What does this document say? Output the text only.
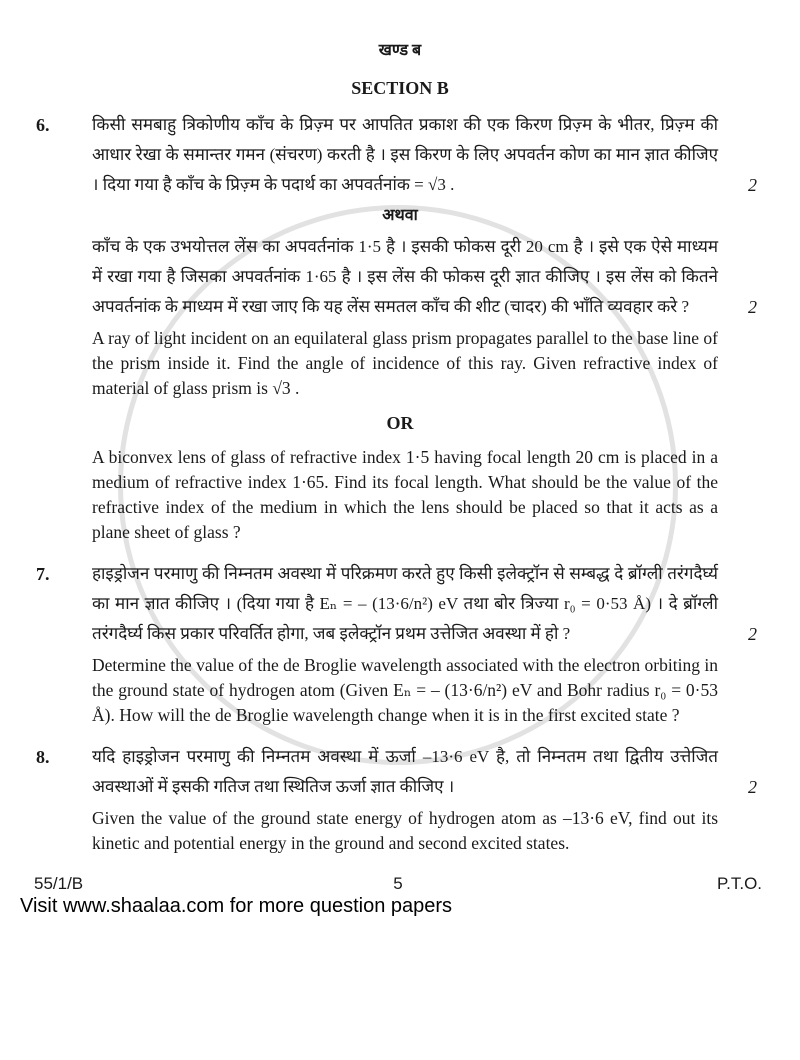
खण्ड ब
SECTION B
6.	किसी समबाहु त्रिकोणीय काँच के प्रिज़्म पर आपतित प्रकाश की एक किरण प्रिज़्म के भीतर, प्रिज़्म की आधार रेखा के समान्तर गमन (संचरण) करती है । इस किरण के लिए अपवर्तन कोण का मान ज्ञात कीजिए । दिया गया है काँच के प्रिज़्म के पदार्थ का अपवर्तनांक = √3 .	2
अथवा
काँच के एक उभयोत्तल लेंस का अपवर्तनांक 1·5 है । इसकी फोकस दूरी 20 cm है । इसे एक ऐसे माध्यम में रखा गया है जिसका अपवर्तनांक 1·65 है । इस लेंस की फोकस दूरी ज्ञात कीजिए । इस लेंस को कितने अपवर्तनांक के माध्यम में रखा जाए कि यह लेंस समतल काँच की शीट (चादर) की भाँति व्यवहार करे ?	2
A ray of light incident on an equilateral glass prism propagates parallel to the base line of the prism inside it. Find the angle of incidence of this ray. Given refractive index of material of glass prism is √3 .
OR
A biconvex lens of glass of refractive index 1·5 having focal length 20 cm is placed in a medium of refractive index 1·65. Find its focal length. What should be the value of the refractive index of the medium in which the lens should be placed so that it acts as a plane sheet of glass ?
7.	हाइड्रोजन परमाणु की निम्नतम अवस्था में परिक्रमण करते हुए किसी इलेक्ट्रॉन से सम्बद्ध दे ब्रॉग्ली तरंगदैर्घ्य का मान ज्ञात कीजिए । (दिया गया है Eₙ = – (13·6/n²) eV तथा बोर त्रिज्या r₀ = 0·53 Å) । दे ब्रॉग्ली तरंगदैर्घ्य किस प्रकार परिवर्तित होगा, जब इलेक्ट्रॉन प्रथम उत्तेजित अवस्था में हो ?	2
Determine the value of the de Broglie wavelength associated with the electron orbiting in the ground state of hydrogen atom (Given Eₙ = – (13·6/n²) eV and Bohr radius r₀ = 0·53 Å). How will the de Broglie wavelength change when it is in the first excited state ?
8.	यदि हाइड्रोजन परमाणु की निम्नतम अवस्था में ऊर्जा –13·6 eV है, तो निम्नतम तथा द्वितीय उत्तेजित अवस्थाओं में इसकी गतिज तथा स्थितिज ऊर्जा ज्ञात कीजिए ।	2
Given the value of the ground state energy of hydrogen atom as –13·6 eV, find out its kinetic and potential energy in the ground and second excited states.
55/1/B	5	P.T.O.
Visit www.shaalaa.com for more question papers
